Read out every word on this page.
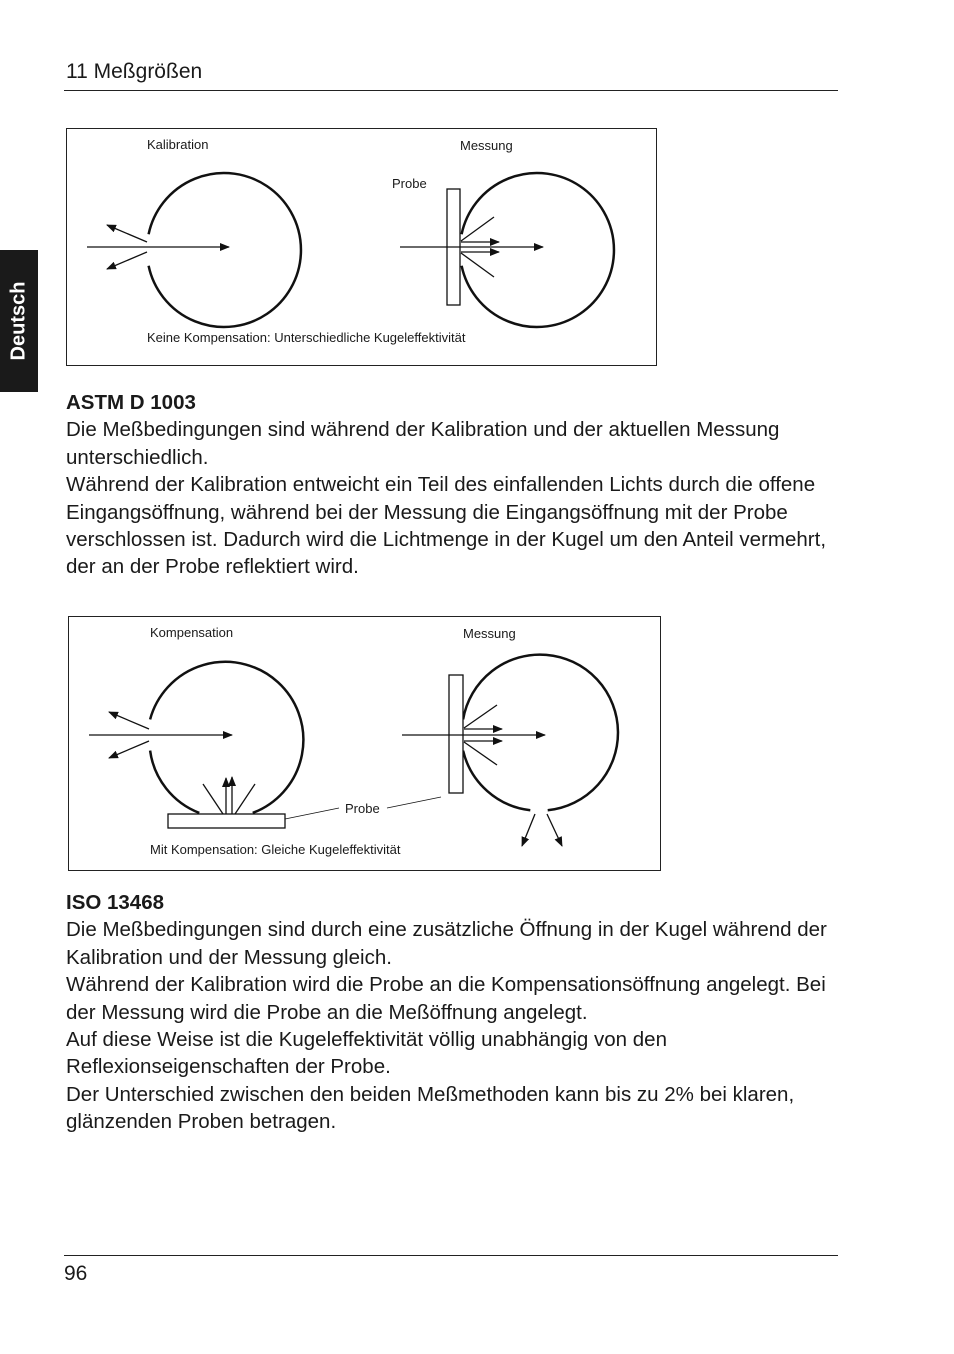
11 Meßgrößen
Deutsch
Kalibration	Messung
Probe
Keine Kompensation: Unterschiedliche Kugeleffektivität
ASTM D 1003

Die Meßbedingungen sind während der Kalibration und der aktuellen Messung unterschiedlich.

Während der Kalibration entweicht ein Teil des einfallenden Lichts durch die offene Eingangsöffnung, während bei der Messung die Eingangsöffnung mit der Probe verschlossen ist. Dadurch wird die Lichtmenge in der Kugel um den Anteil vermehrt, der an der Probe reflektiert wird.

Kompensation	Messung
Probe
Mit Kompensation: Gleiche Kugeleffektivität
ISO 13468

Die Meßbedingungen sind durch eine zusätzliche Öffnung in der Kugel während der Kalibration und der Messung gleich.

Während der Kalibration wird die Probe an die Kompensationsöffnung angelegt. Bei der Messung wird die Probe an die Meßöffnung angelegt.

Auf diese Weise ist die Kugeleffektivität völlig unabhängig von den Reflexionseigenschaften der Probe.

Der Unterschied zwischen den beiden Meßmethoden kann bis zu 2% bei klaren, glänzenden Proben betragen.

96
